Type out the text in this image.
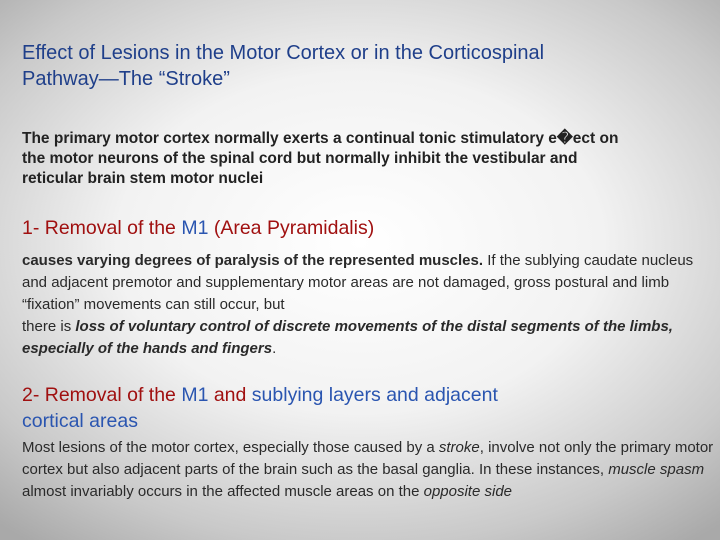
Effect of Lesions in the Motor Cortex or in the Corticospinal
Pathway—The “Stroke”
The primary motor cortex normally exerts a continual tonic stimulatory e�ect on
the motor neurons of the spinal cord but normally inhibit the vestibular and
reticular brain stem motor nuclei
1- Removal of the M1 (Area Pyramidalis)
causes varying degrees of paralysis of the represented muscles. If the sublying caudate nucleus and adjacent premotor and supplementary motor areas are not damaged, gross postural and limb “fixation” movements can still occur, but
there is loss of voluntary control of discrete movements of the distal segments of the limbs, especially of the hands and fingers.
2- Removal of the M1 and sublying layers and adjacent
cortical areas
Most lesions of the motor cortex, especially those caused by a stroke, involve not only the primary motor cortex but also adjacent parts of the brain such as the basal ganglia. In these instances, muscle spasm almost invariably occurs in the affected muscle areas on the opposite side
